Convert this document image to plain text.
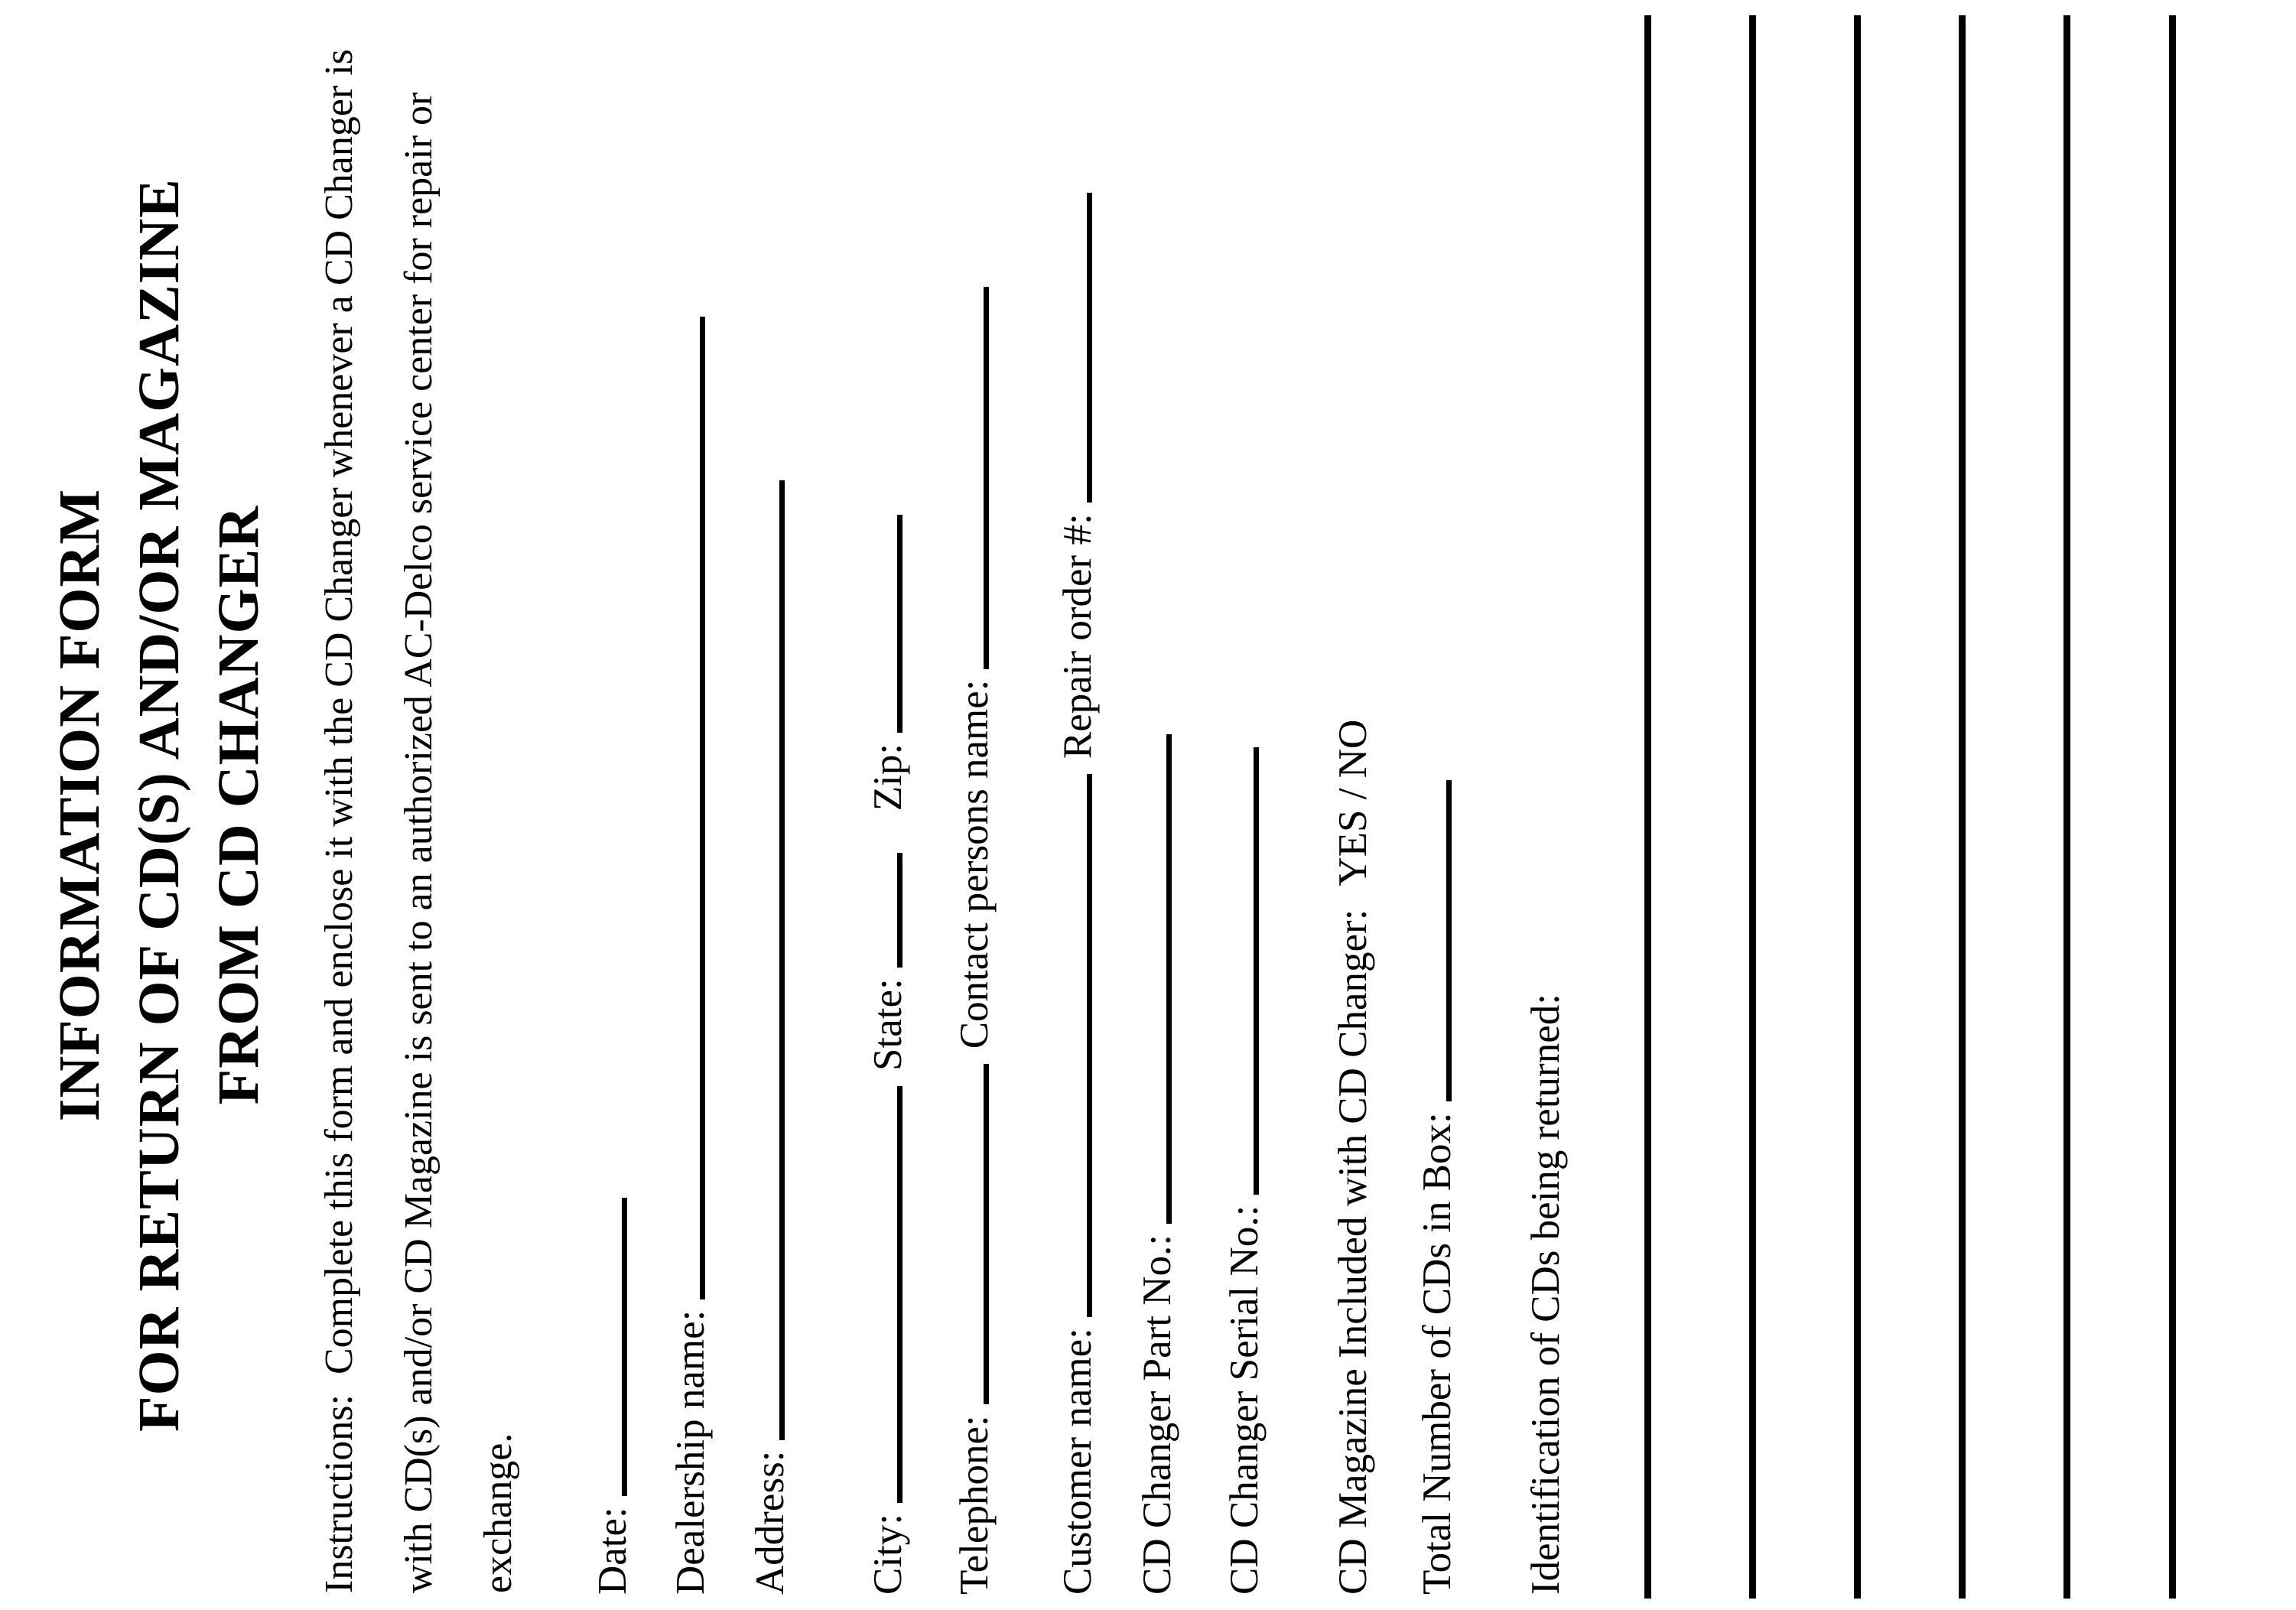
INFORMATION FORM FOR RETURN OF CD(S) AND/OR MAGAZINE FROM CD CHANGER	Instructions:  Complete this form and enclose it with the CD Changer whenever a CD Changer is with CD(s) and/or CD Magazine is sent to an authorized AC-Delco service center for repair or exchange.	Date: Dealership name: Address: City:
State:
Zip:
Telephone:
Contact persons name:
Customer name:
Repair order #:
CD Changer Part No.: CD Changer Serial No.: CD Magazine Included with CD Changer:
YES / NO
Total Number of CDs in Box: Identification of CDs being returned:
